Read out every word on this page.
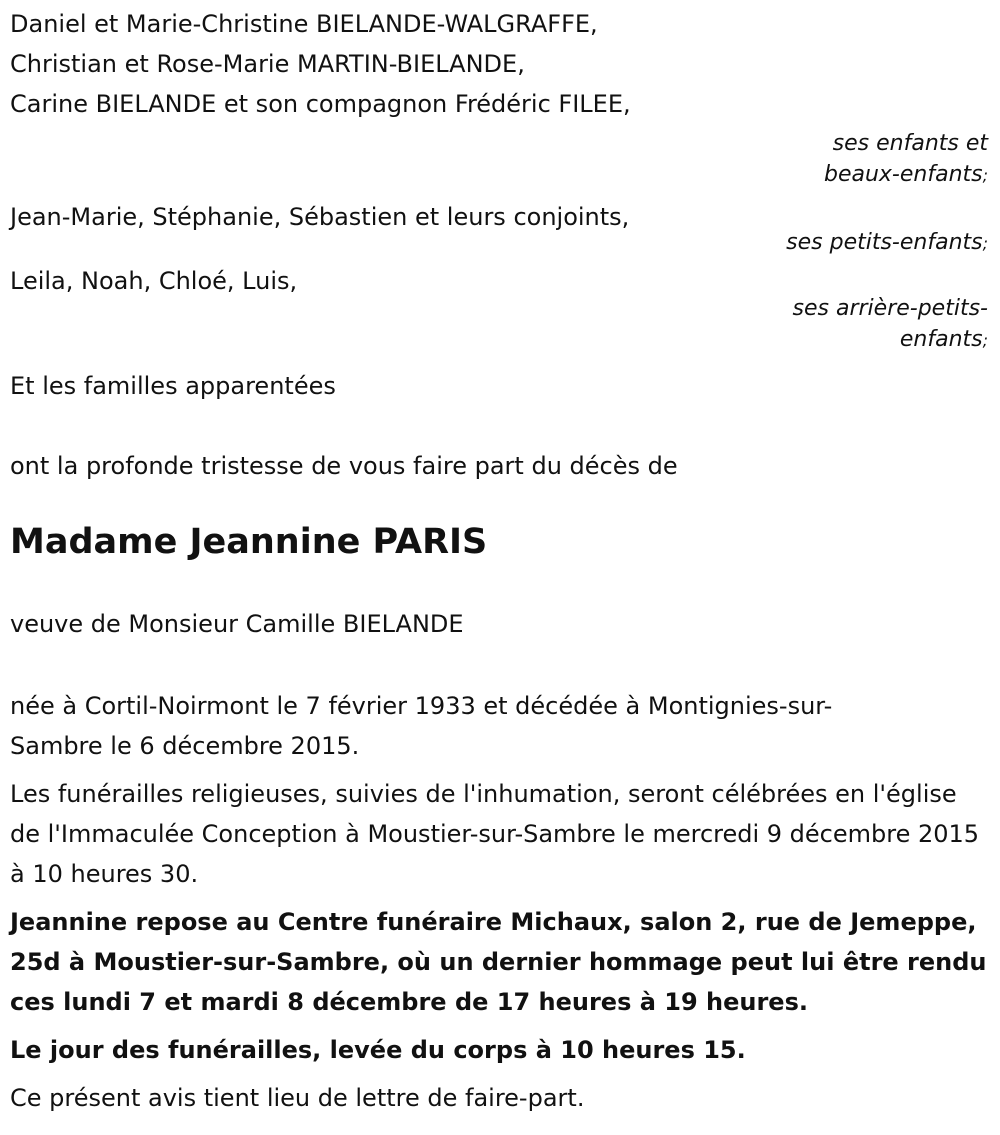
Daniel et Marie-Christine BIELANDE-WALGRAFFE,

Christian et Rose-Marie MARTIN-BIELANDE,

Carine BIELANDE et son compagnon Frédéric FILEE,

ses enfants et
beaux-enfants;

Jean-Marie, Stéphanie, Sébastien et leurs conjoints,

ses petits-enfants;

Leila, Noah, Chloé, Luis,

ses arrière-petits-
enfants;

Et les familles apparentées

ont la profonde tristesse de vous faire part du décès de

Madame Jeannine PARIS

veuve de Monsieur Camille BIELANDE

née à Cortil-Noirmont le 7 février 1933 et décédée à Montignies-sur-Sambre le 6 décembre 2015.

Les funérailles religieuses, suivies de l'inhumation, seront célébrées en l'église de l'Immaculée Conception à Moustier-sur-Sambre le mercredi 9 décembre 2015 à 10 heures 30.

Jeannine repose au Centre funéraire Michaux, salon 2, rue de Jemeppe, 25d à Moustier-sur-Sambre, où un dernier hommage peut lui être rendu ces lundi 7 et mardi 8 décembre de 17 heures à 19 heures.

Le jour des funérailles, levée du corps à 10 heures 15.

Ce présent avis tient lieu de lettre de faire-part.
